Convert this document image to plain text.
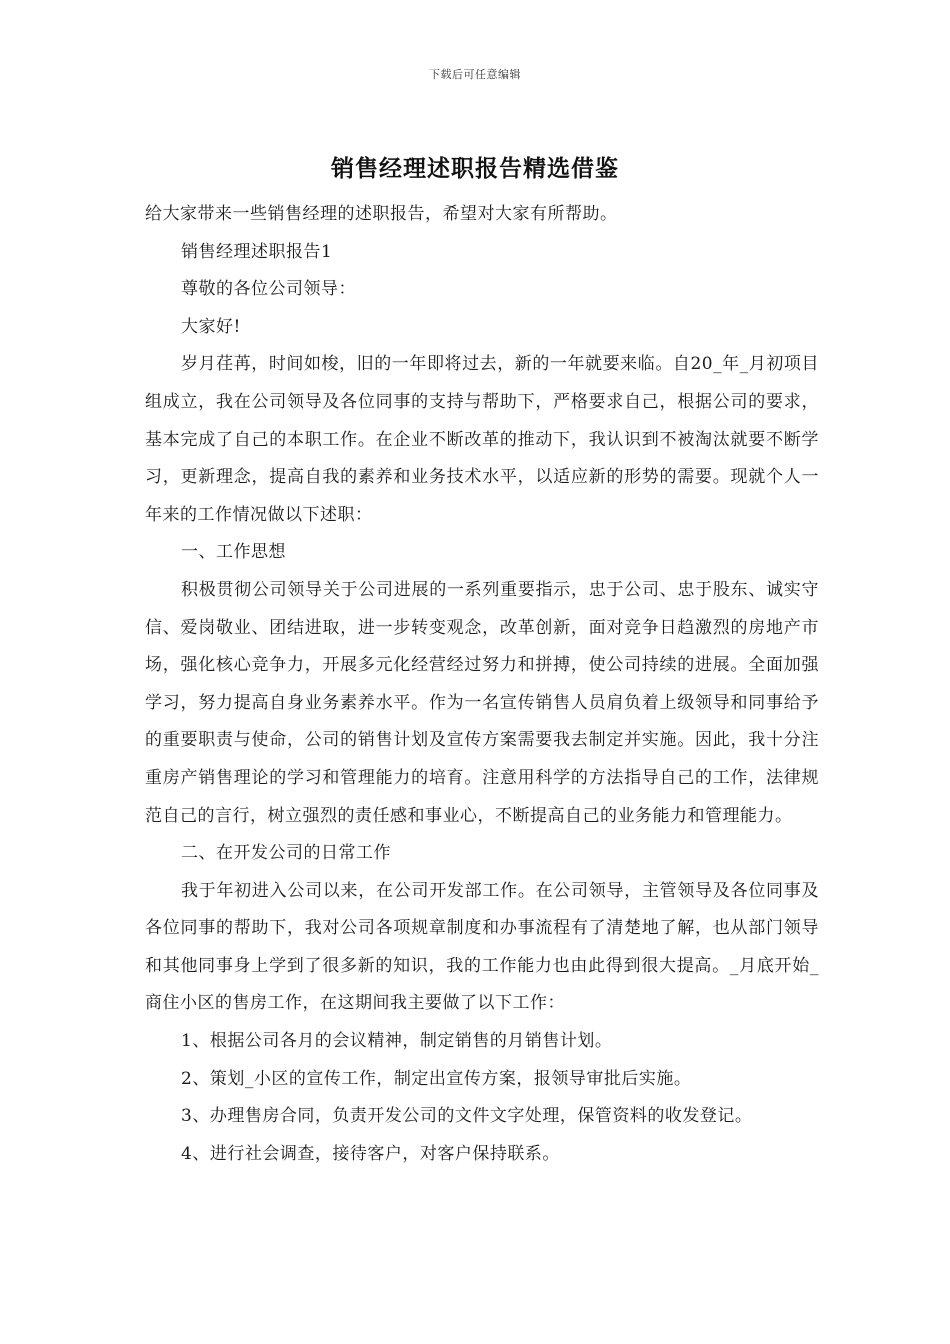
下载后可任意编辑
销售经理述职报告精选借鉴

给大家带来一些销售经理的述职报告，希望对大家有所帮助。

销售经理述职报告1

尊敬的各位公司领导：

大家好!

岁月荏苒，时间如梭，旧的一年即将过去，新的一年就要来临。自20_年_月初项目组成立，我在公司领导及各位同事的支持与帮助下，严格要求自己，根据公司的要求，基本完成了自己的本职工作。在企业不断改革的推动下，我认识到不被淘汰就要不断学习，更新理念，提高自我的素养和业务技术水平，以适应新的形势的需要。现就个人一年来的工作情况做以下述职：

一、工作思想

积极贯彻公司领导关于公司进展的一系列重要指示，忠于公司、忠于股东、诚实守信、爱岗敬业、团结进取，进一步转变观念，改革创新，面对竞争日趋激烈的房地产市场，强化核心竞争力，开展多元化经营经过努力和拼搏，使公司持续的进展。全面加强学习，努力提高自身业务素养水平。作为一名宣传销售人员肩负着上级领导和同事给予的重要职责与使命，公司的销售计划及宣传方案需要我去制定并实施。因此，我十分注重房产销售理论的学习和管理能力的培育。注意用科学的方法指导自己的工作，法律规范自己的言行，树立强烈的责任感和事业心，不断提高自己的业务能力和管理能力。

二、在开发公司的日常工作

我于年初进入公司以来，在公司开发部工作。在公司领导，主管领导及各位同事及各位同事的帮助下，我对公司各项规章制度和办事流程有了清楚地了解，也从部门领导和其他同事身上学到了很多新的知识，我的工作能力也由此得到很大提高。_月底开始_商住小区的售房工作，在这期间我主要做了以下工作：

1、根据公司各月的会议精神，制定销售的月销售计划。

2、策划_小区的宣传工作，制定出宣传方案，报领导审批后实施。

3、办理售房合同，负责开发公司的文件文字处理，保管资料的收发登记。

4、进行社会调查，接待客户，对客户保持联系。
